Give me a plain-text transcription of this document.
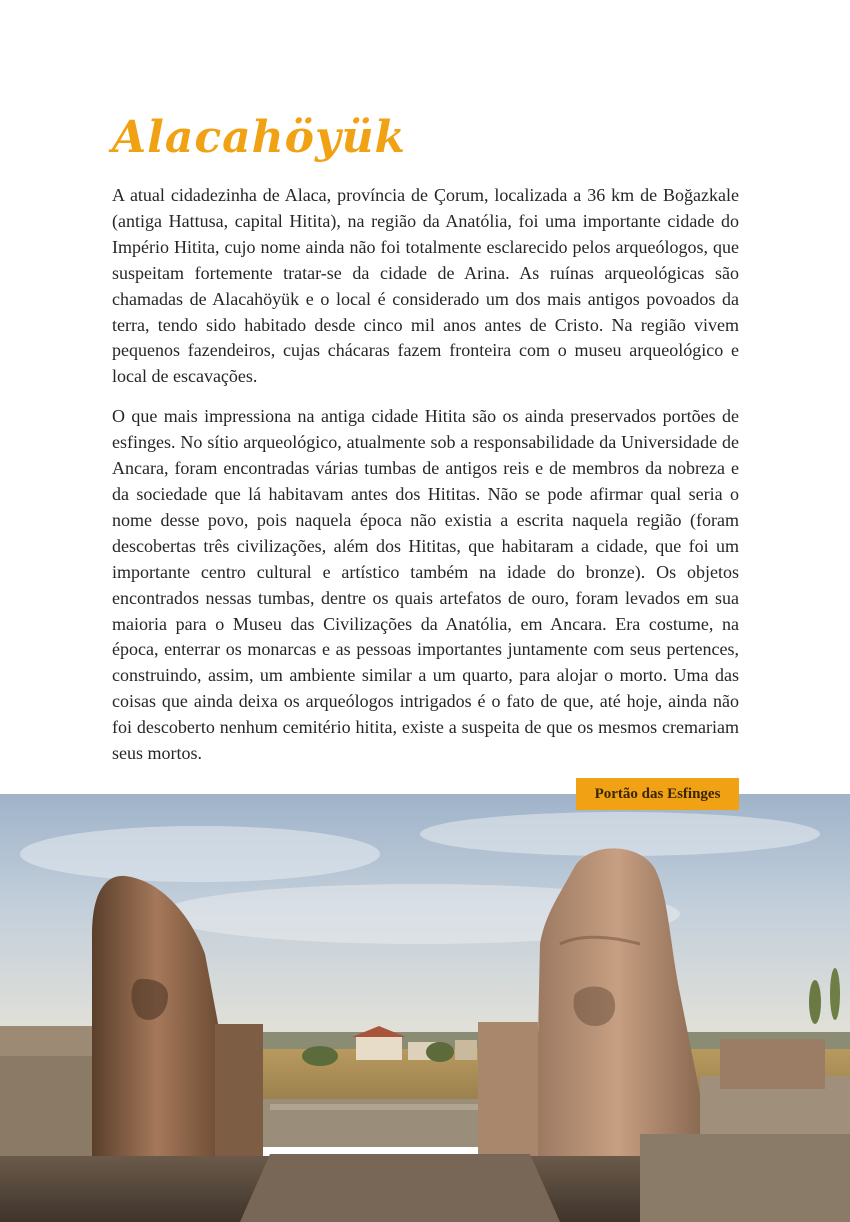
Alacahöyük

A atual cidadezinha de Alaca, província de Çorum, localizada a 36 km de Boğazkale (antiga Hattusa, capital Hitita), na região da Anatólia, foi uma importante cidade do Império Hitita, cujo nome ainda não foi totalmente esclarecido pelos arqueólogos, que suspeitam fortemente tratar-se da cidade de Arina. As ruínas arqueológicas são chamadas de Alacahöyük e o local é considerado um dos mais antigos povoados da terra, tendo sido habitado desde cinco mil anos antes de Cristo. Na região vivem pequenos fazendeiros, cujas chácaras fazem fronteira com o museu arqueológico e local de escavações.

O que mais impressiona na antiga cidade Hitita são os ainda preservados portões de esfinges. No sítio arqueológico, atualmente sob a responsabilidade da Universidade de Ancara, foram encontradas várias tumbas de antigos reis e de membros da nobreza e da sociedade que lá habitavam antes dos Hititas. Não se pode afirmar qual seria o nome desse povo, pois naquela época não existia a escrita naquela região (foram descobertas três civilizações, além dos Hititas, que habitaram a cidade, que foi um importante centro cultural e artístico também na idade do bronze). Os objetos encontrados nessas tumbas, dentre os quais artefatos de ouro, foram levados em sua maioria para o Museu das Civilizações da Anatólia, em Ancara. Era costume, na época, enterrar os monarcas e as pessoas importantes juntamente com seus pertences, construindo, assim, um ambiente similar a um quarto, para alojar o morto. Uma das coisas que ainda deixa os arqueólogos intrigados é o fato de que, até hoje, ainda não foi descoberto nenhum cemitério hitita, existe a suspeita de que os mesmos cremariam seus mortos.

Portão das Esfinges
